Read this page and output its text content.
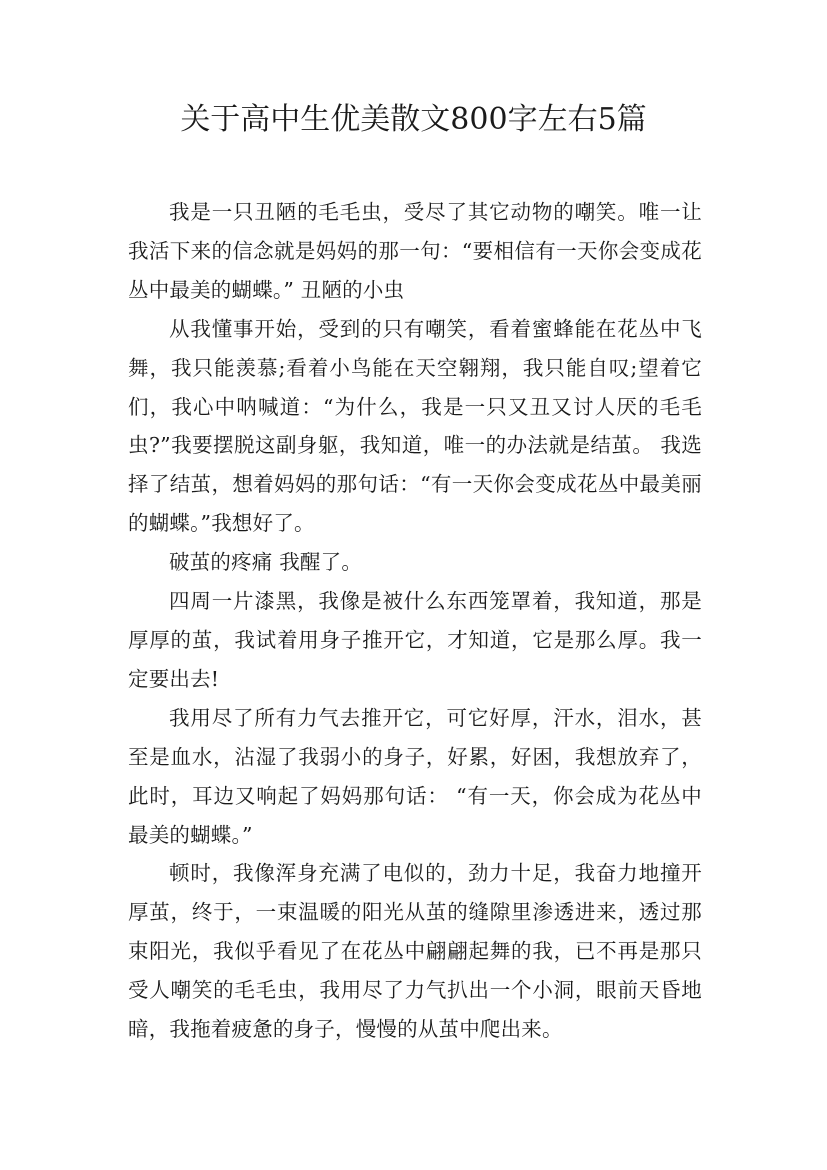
关于高中生优美散文800字左右5篇

我是一只丑陋的毛毛虫，受尽了其它动物的嘲笑。唯一让我活下来的信念就是妈妈的那一句：“要相信有一天你会变成花丛中最美的蝴蝶。” 丑陋的小虫

从我懂事开始，受到的只有嘲笑，看着蜜蜂能在花丛中飞舞，我只能羡慕;看着小鸟能在天空翱翔，我只能自叹;望着它们，我心中呐喊道：“为什么，我是一只又丑又讨人厌的毛毛虫?”我要摆脱这副身躯，我知道，唯一的办法就是结茧。 我选择了结茧，想着妈妈的那句话：“有一天你会变成花丛中最美丽的蝴蝶。”我想好了。

破茧的疼痛 我醒了。

四周一片漆黑，我像是被什么东西笼罩着，我知道，那是厚厚的茧，我试着用身子推开它，才知道，它是那么厚。我一定要出去!

我用尽了所有力气去推开它，可它好厚，汗水，泪水，甚至是血水，沾湿了我弱小的身子，好累，好困，我想放弃了，此时，耳边又响起了妈妈那句话： “有一天，你会成为花丛中最美的蝴蝶。”

顿时，我像浑身充满了电似的，劲力十足，我奋力地撞开厚茧，终于，一束温暖的阳光从茧的缝隙里渗透进来，透过那束阳光，我似乎看见了在花丛中翩翩起舞的我，已不再是那只受人嘲笑的毛毛虫，我用尽了力气扒出一个小洞，眼前天昏地暗，我拖着疲惫的身子，慢慢的从茧中爬出来。
